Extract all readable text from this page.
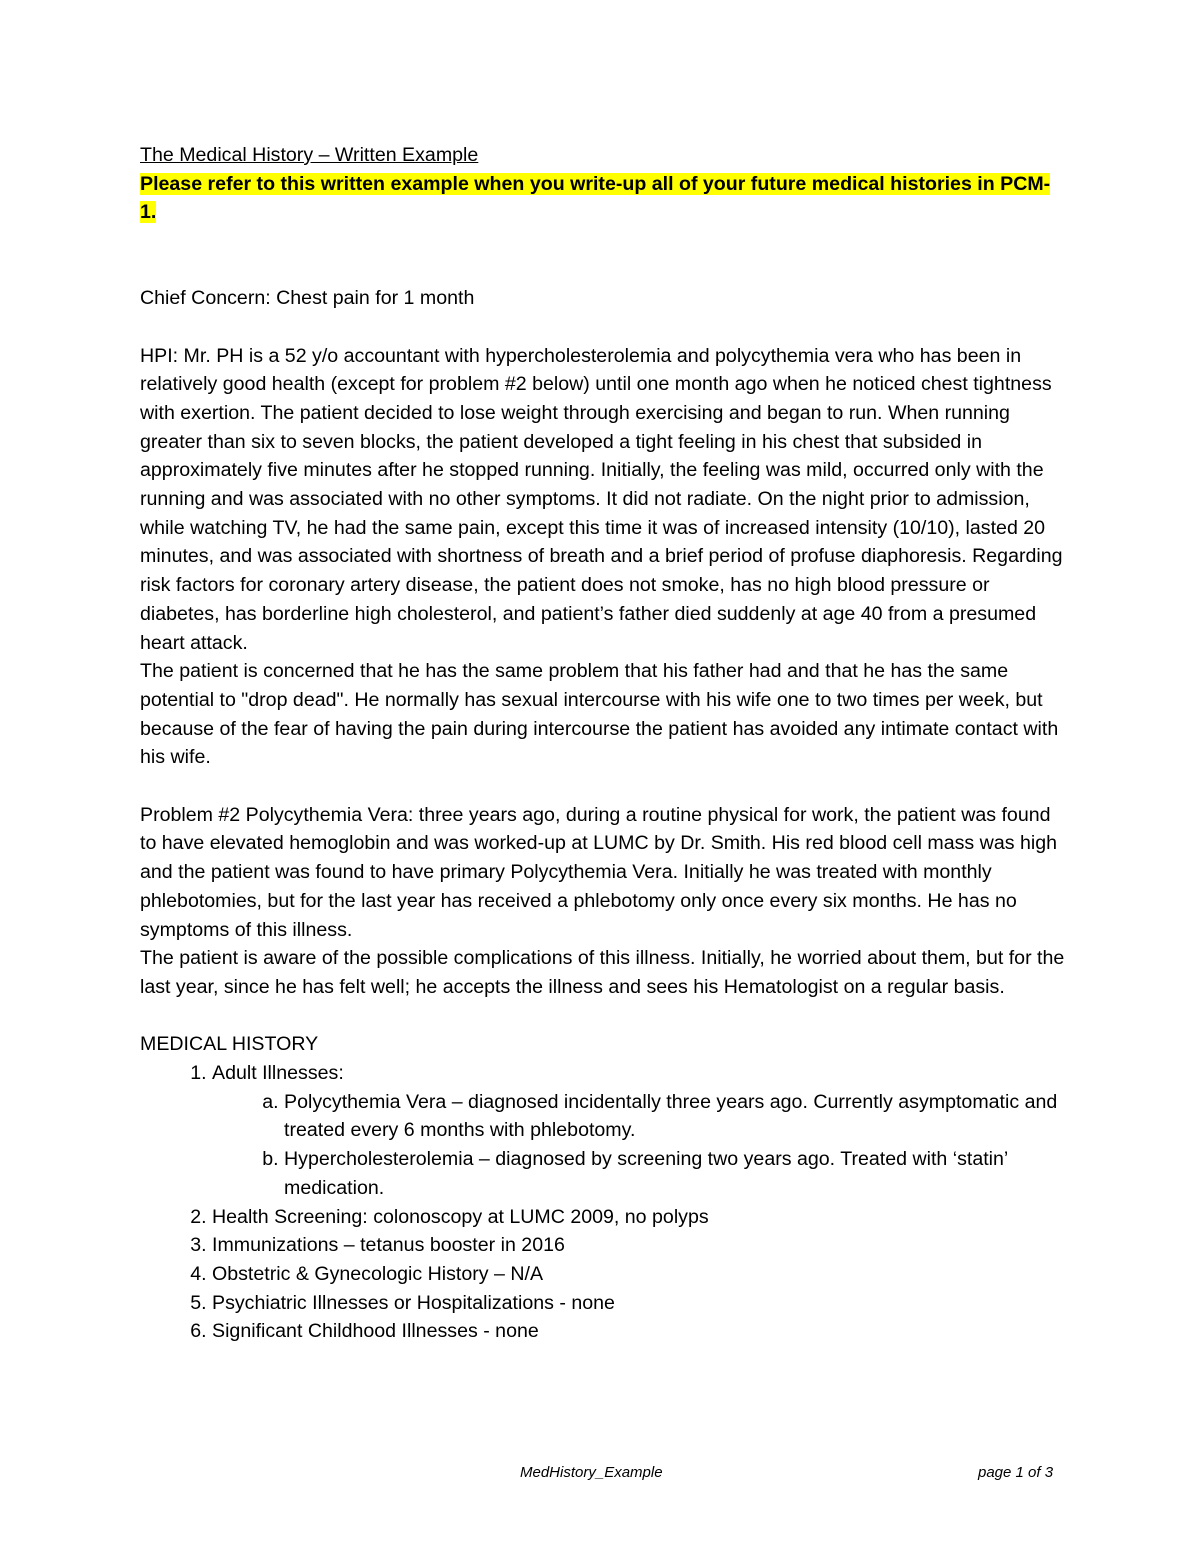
The Medical History – Written Example

Please refer to this written example when you write-up all of your future medical histories in PCM-1.

Chief Concern: Chest pain for 1 month

HPI: Mr. PH is a 52 y/o accountant with hypercholesterolemia and polycythemia vera who has been in relatively good health (except for problem #2 below) until one month ago when he noticed chest tightness with exertion. The patient decided to lose weight through exercising and began to run. When running greater than six to seven blocks, the patient developed a tight feeling in his chest that subsided in approximately five minutes after he stopped running. Initially, the feeling was mild, occurred only with the running and was associated with no other symptoms. It did not radiate. On the night prior to admission, while watching TV, he had the same pain, except this time it was of increased intensity (10/10), lasted 20 minutes, and was associated with shortness of breath and a brief period of profuse diaphoresis. Regarding risk factors for coronary artery disease, the patient does not smoke, has no high blood pressure or diabetes, has borderline high cholesterol, and patient’s father died suddenly at age 40 from a presumed heart attack.

The patient is concerned that he has the same problem that his father had and that he has the same potential to "drop dead". He normally has sexual intercourse with his wife one to two times per week, but because of the fear of having the pain during intercourse the patient has avoided any intimate contact with his wife.

Problem #2 Polycythemia Vera: three years ago, during a routine physical for work, the patient was found to have elevated hemoglobin and was worked-up at LUMC by Dr. Smith. His red blood cell mass was high and the patient was found to have primary Polycythemia Vera. Initially he was treated with monthly phlebotomies, but for the last year has received a phlebotomy only once every six months. He has no symptoms of this illness.

The patient is aware of the possible complications of this illness. Initially, he worried about them, but for the last year, since he has felt well; he accepts the illness and sees his Hematologist on a regular basis.

MEDICAL HISTORY

1. Adult Illnesses:
a. Polycythemia Vera – diagnosed incidentally three years ago. Currently asymptomatic and treated every 6 months with phlebotomy.
b. Hypercholesterolemia – diagnosed by screening two years ago. Treated with ‘statin’ medication.
2. Health Screening: colonoscopy at LUMC 2009, no polyps
3. Immunizations – tetanus booster in 2016
4. Obstetric & Gynecologic History – N/A
5. Psychiatric Illnesses or Hospitalizations - none
6. Significant Childhood Illnesses - none
MedHistory_Example	page 1 of 3
